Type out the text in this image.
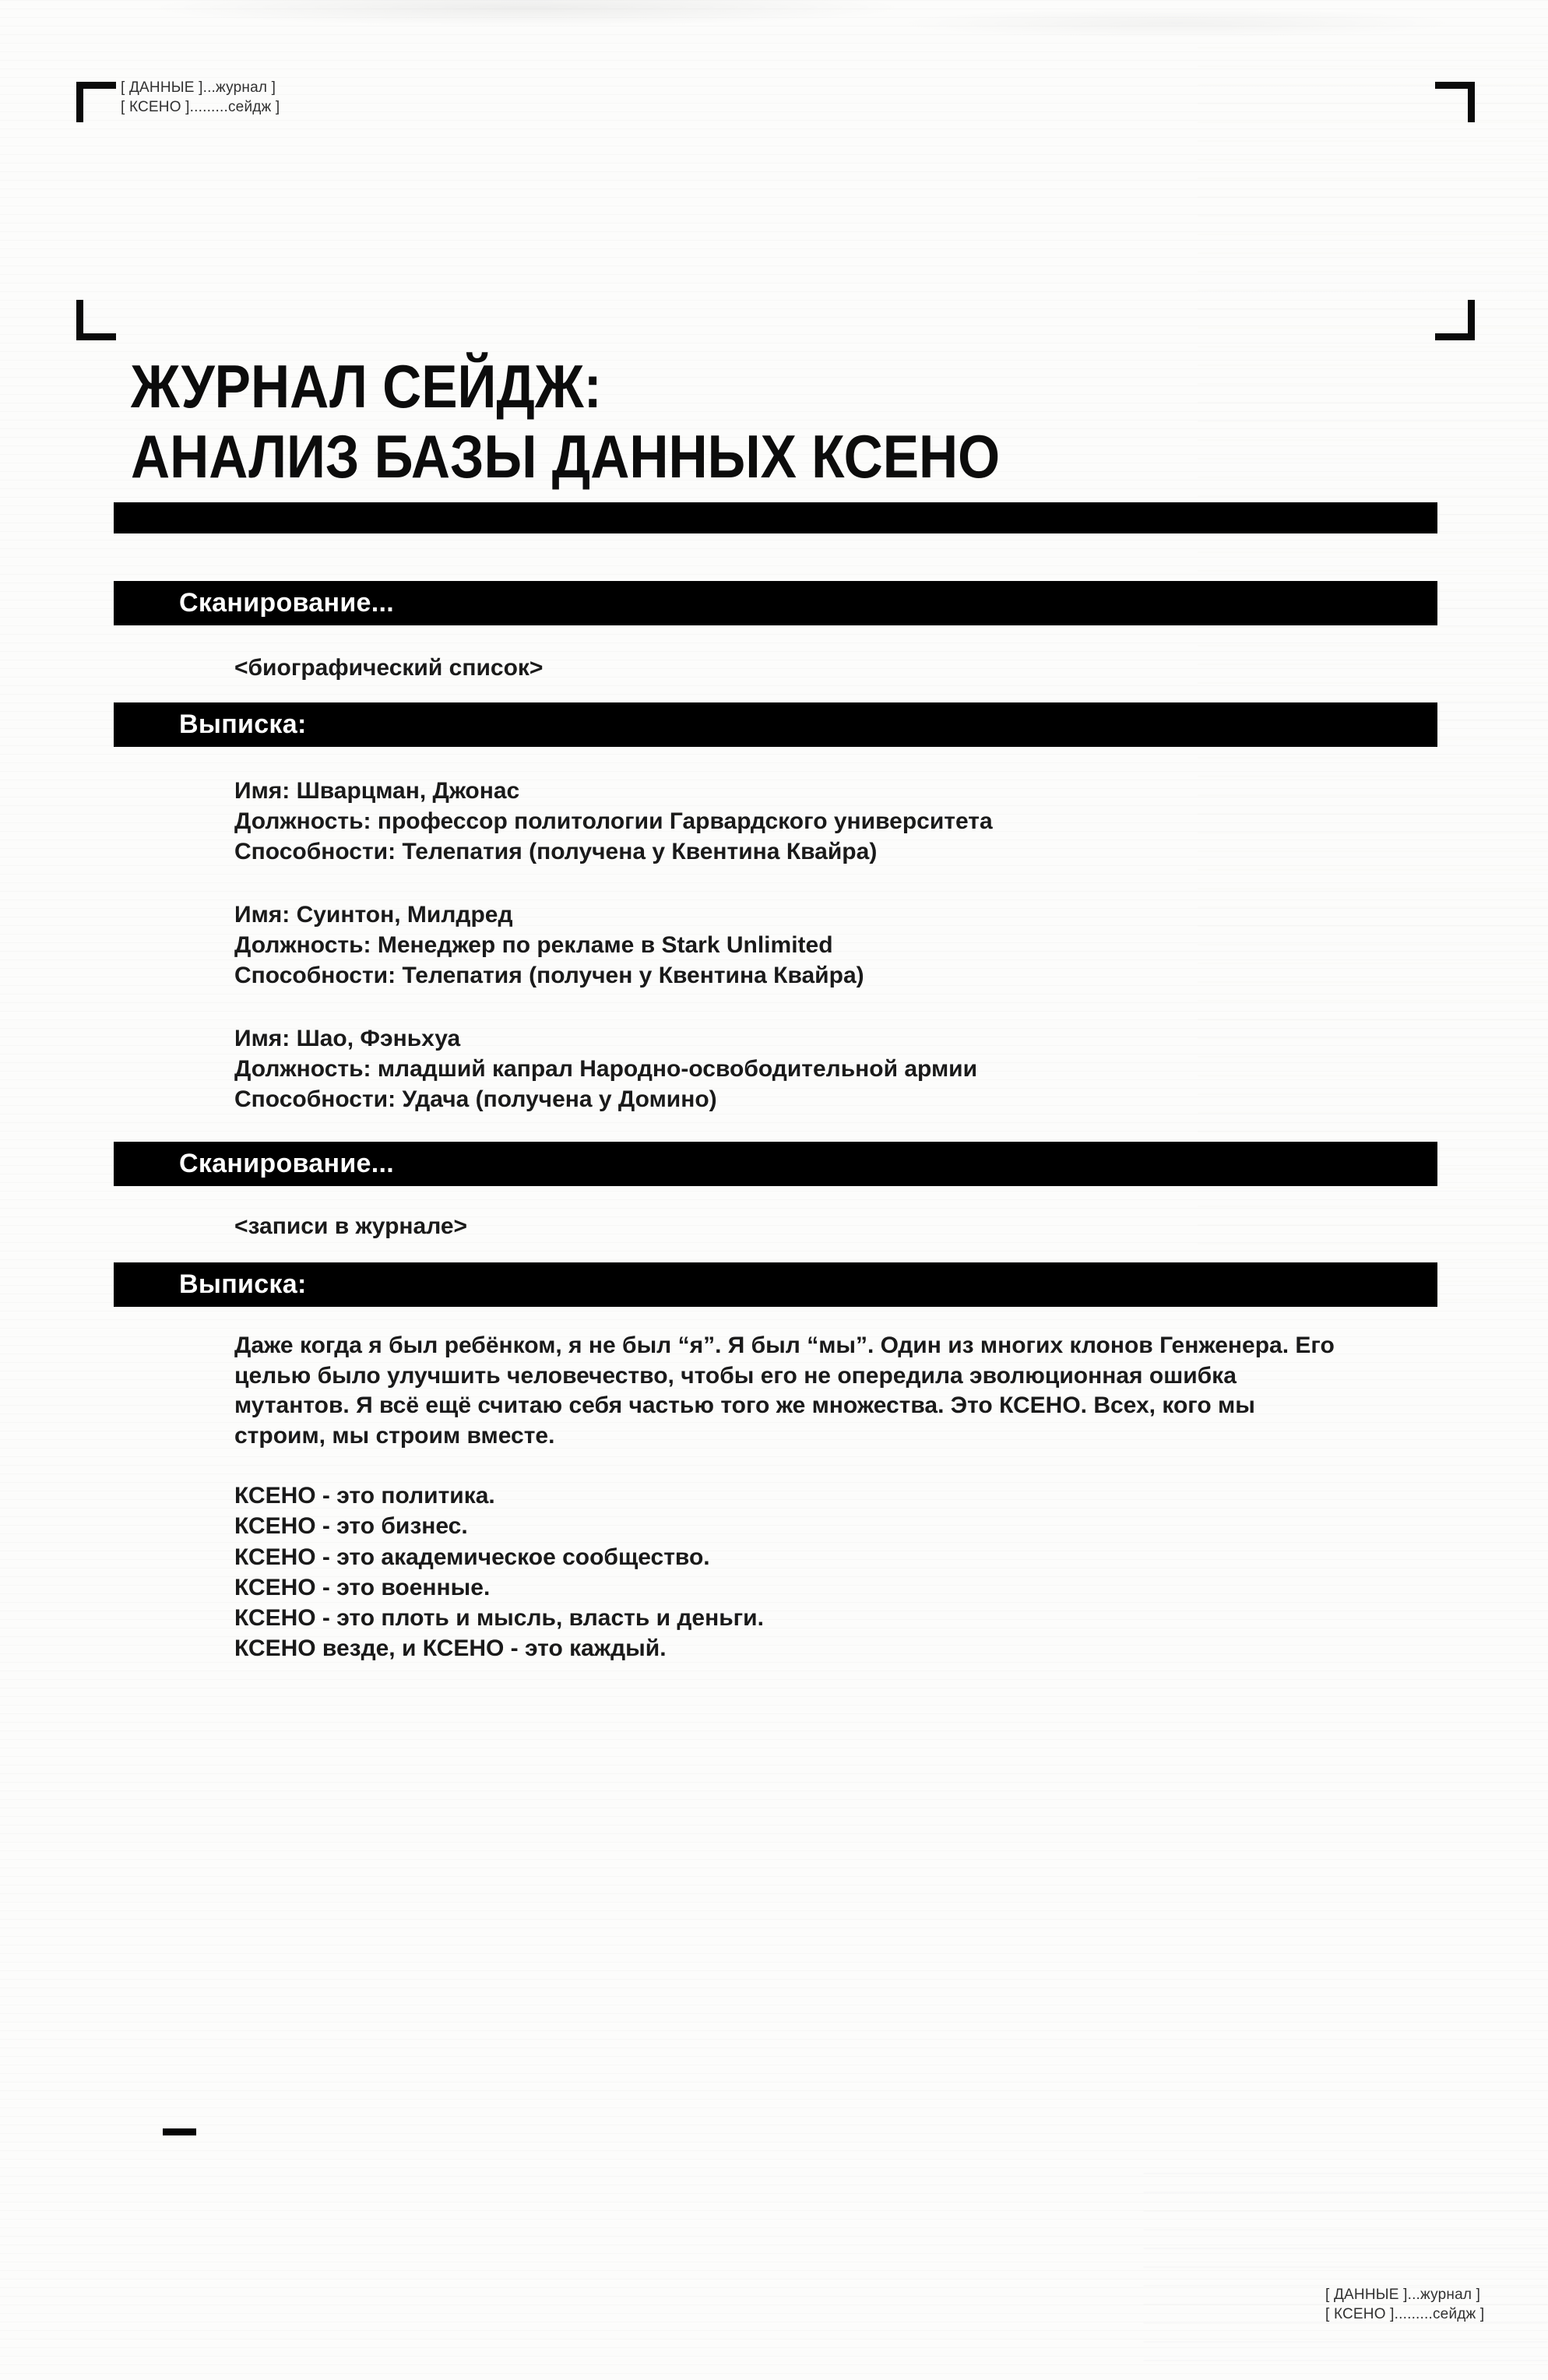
[ ДАННЫЕ ]...журнал ]
[ КСЕНО ].........сейдж ]
ЖУРНАЛ СЕЙДЖ:
АНАЛИЗ БАЗЫ ДАННЫХ КСЕНО
Сканирование...
<биографический список>
Выписка:
Имя: Шварцман, Джонас
Должность: профессор политологии Гарвардского университета
Способности: Телепатия (получена у Квентина Квайра)
Имя: Суинтон, Милдред
Должность: Менеджер по рекламе в Stark Unlimited
Способности: Телепатия (получен у Квентина Квайра)
Имя: Шао, Фэньхуа
Должность: младший капрал Народно-освободительной армии
Способности: Удача (получена у Домино)
Сканирование...
<записи в журнале>
Выписка:
Даже когда я был ребёнком, я не был “я”. Я был “мы”. Один из многих клонов Генженера. Его
целью было улучшить человечество, чтобы его не опередила эволюционная ошибка
мутантов. Я всё ещё считаю себя частью того же множества. Это КСЕНО. Всех, кого мы
строим, мы строим вместе.
КСЕНО - это политика.
КСЕНО - это бизнес.
КСЕНО - это академическое сообщество.
КСЕНО - это военные.
КСЕНО - это плоть и мысль, власть и деньги.
КСЕНО везде, и КСЕНО - это каждый.
[ ДАННЫЕ ]...журнал ]
[ КСЕНО ].........сейдж ]
